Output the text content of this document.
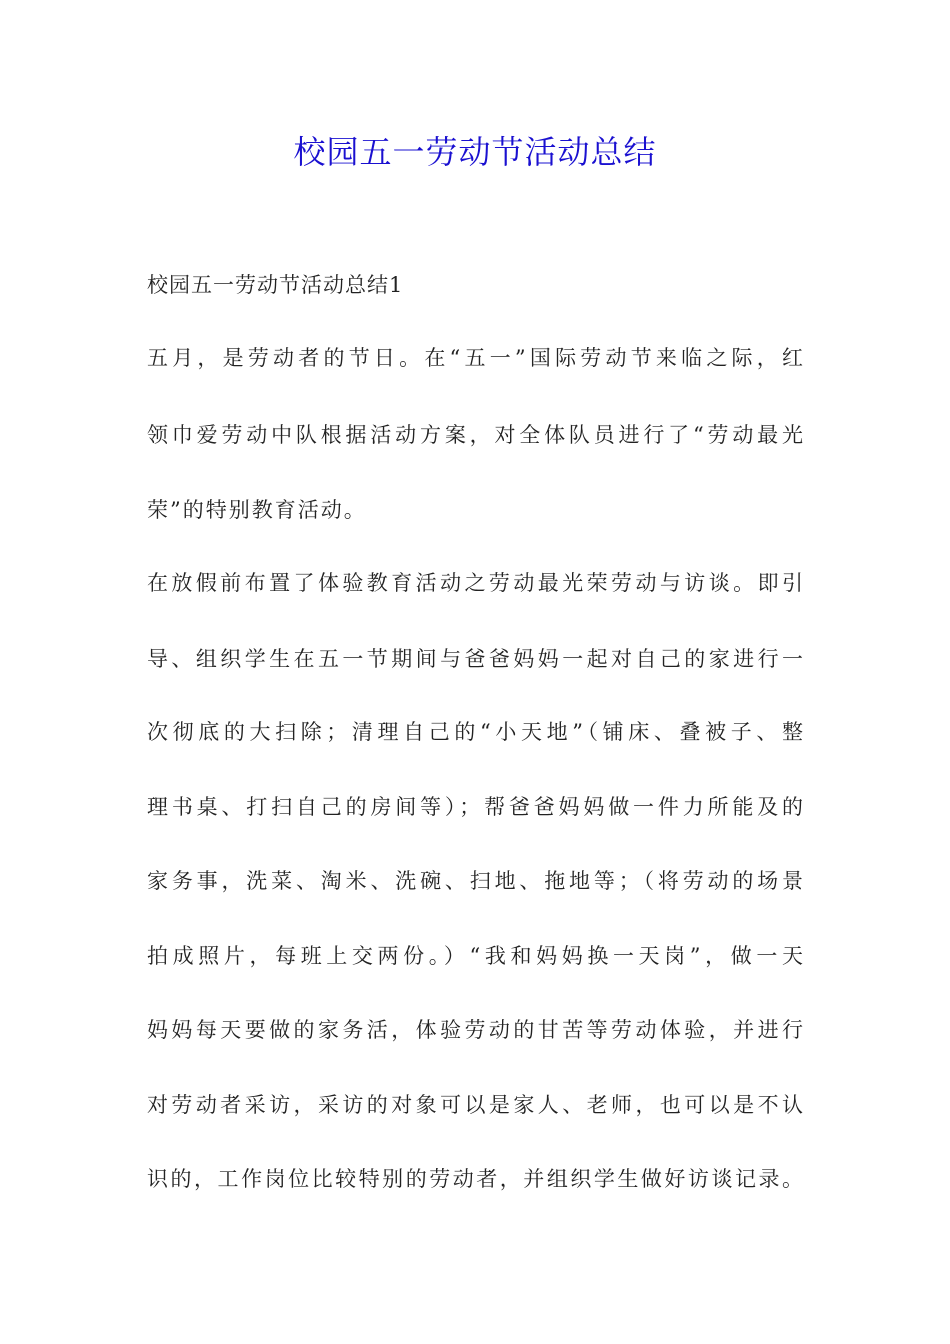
校园五一劳动节活动总结
校园五一劳动节活动总结1
五月，是劳动者的节日。在“五一”国际劳动节来临之际，红
领巾爱劳动中队根据活动方案，对全体队员进行了“劳动最光
荣”的特别教育活动。
在放假前布置了体验教育活动之劳动最光荣劳动与访谈。即引
导、组织学生在五一节期间与爸爸妈妈一起对自己的家进行一
次彻底的大扫除；清理自己的“小天地”（铺床、叠被子、整
理书桌、打扫自己的房间等）；帮爸爸妈妈做一件力所能及的
家务事，洗菜、淘米、洗碗、扫地、拖地等；（将劳动的场景
拍成照片，每班上交两份。）“我和妈妈换一天岗”，做一天
妈妈每天要做的家务活，体验劳动的甘苦等劳动体验，并进行
对劳动者采访，采访的对象可以是家人、老师，也可以是不认
识的，工作岗位比较特别的劳动者，并组织学生做好访谈记录。
